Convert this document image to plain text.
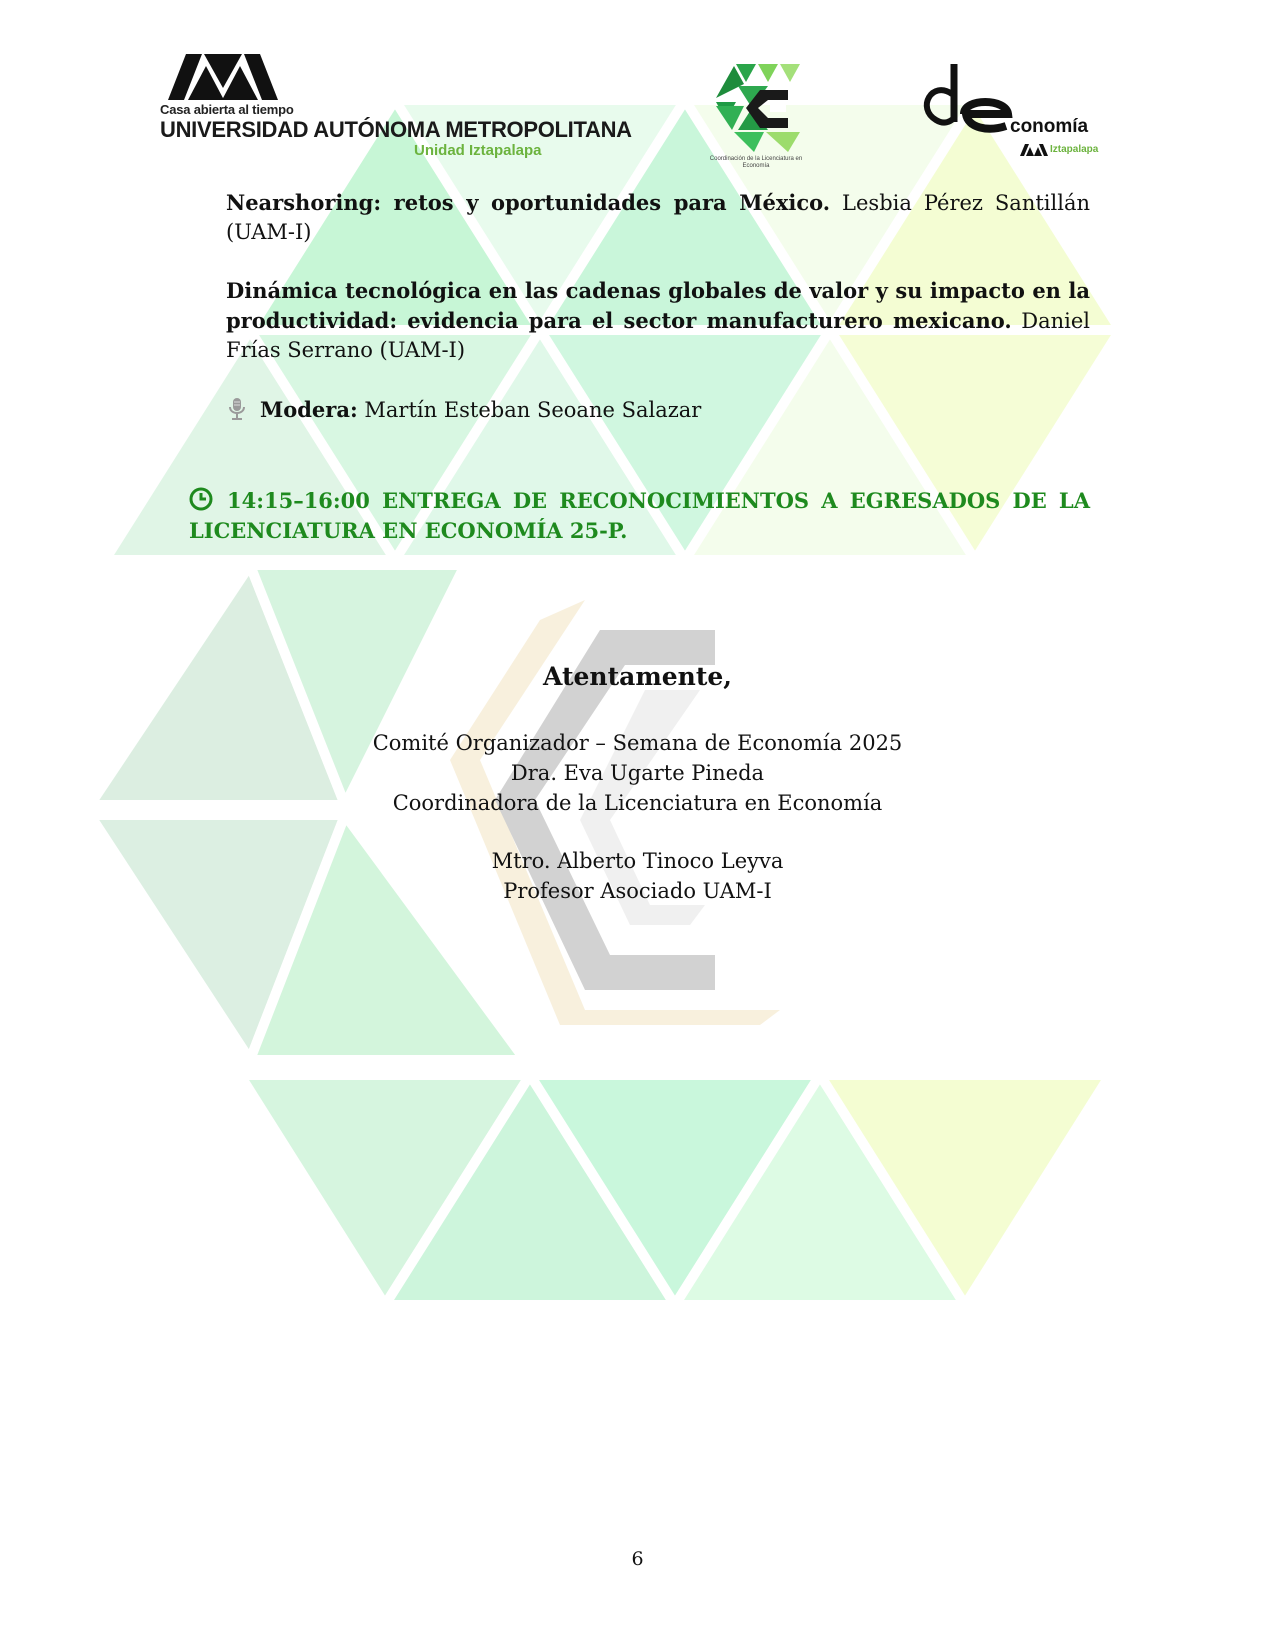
Casa abierta al tiempo
UNIVERSIDAD AUTÓNOMA METROPOLITANA
Unidad Iztapalapa	Coordinación de la Licenciatura en Economía
conomía
Iztapalapa
Nearshoring: retos y oportunidades para México. Lesbia Pérez Santillán (UAM-I)
Dinámica tecnológica en las cadenas globales de valor y su impacto en la productividad: evidencia para el sector manufacturero mexicano. Daniel Frías Serrano (UAM-I)
Modera: Martín Esteban Seoane Salazar
14:15–16:00 ENTREGA DE RECONOCIMIENTOS A EGRESADOS DE LA LICENCIATURA EN ECONOMÍA 25-P.
Atentamente,
Comité Organizador – Semana de Economía 2025
Dra. Eva Ugarte Pineda
Coordinadora de la Licenciatura en Economía
Mtro. Alberto Tinoco Leyva
Profesor Asociado UAM-I
6
